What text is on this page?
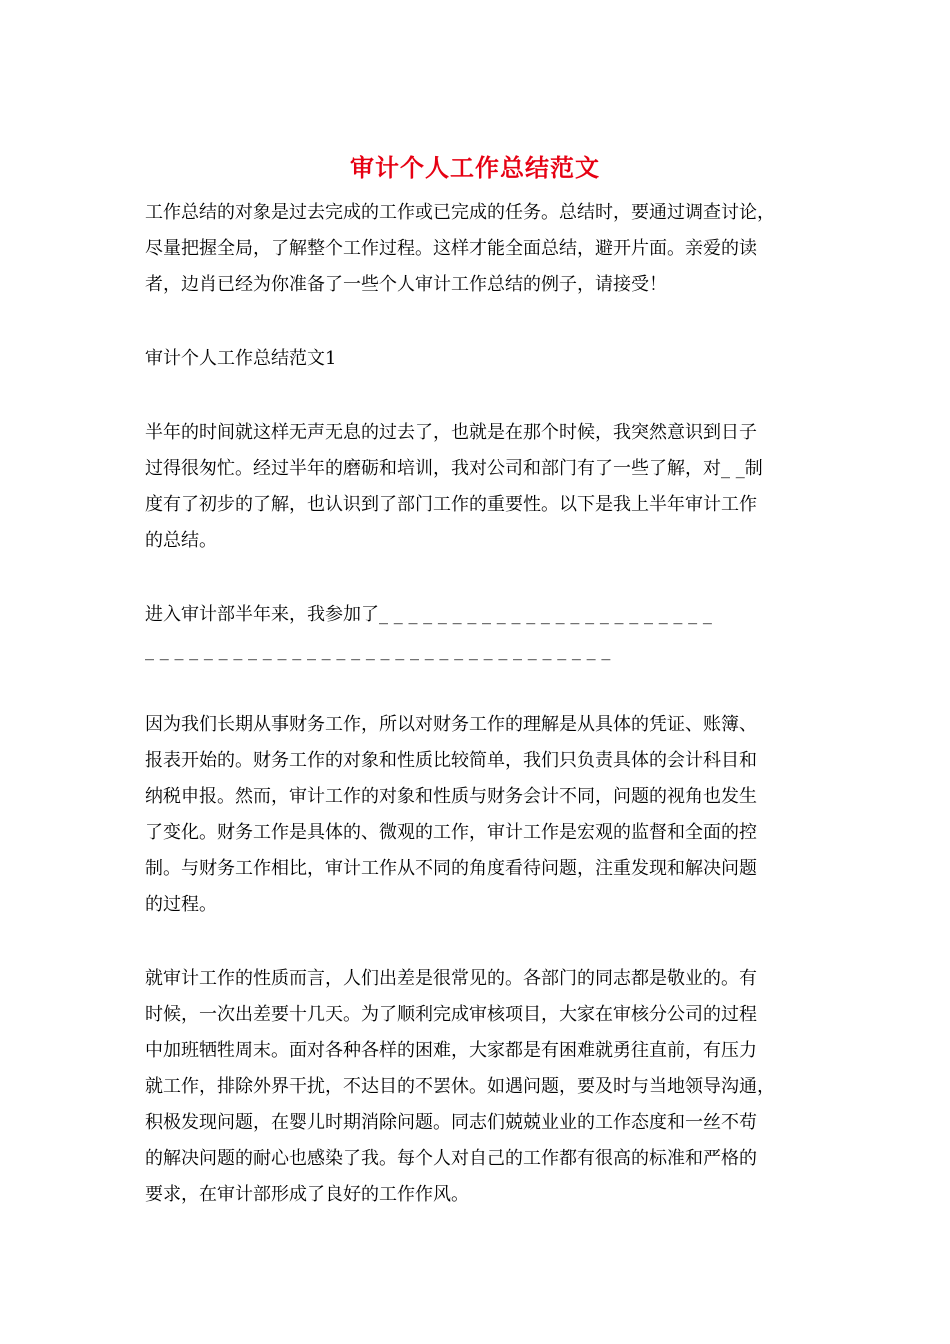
审计个人工作总结范文
工作总结的对象是过去完成的工作或已完成的任务。总结时，要通过调查讨论，
尽量把握全局，了解整个工作过程。这样才能全面总结，避开片面。亲爱的读
者，边肖已经为你准备了一些个人审计工作总结的例子，请接受！
审计个人工作总结范文1
半年的时间就这样无声无息的过去了，也就是在那个时候，我突然意识到日子
过得很匆忙。经过半年的磨砺和培训，我对公司和部门有了一些了解，对_ _制
度有了初步的了解，也认识到了部门工作的重要性。以下是我上半年审计工作
的总结。
进入审计部半年来，我参加了_ _ _ _ _ _ _ _ _ _ _ _ _ _ _ _ _ _ _ _ _ _ _
_ _ _ _ _ _ _ _ _ _ _ _ _ _ _ _ _ _ _ _ _ _ _ _ _ _ _ _ _ _ _ _
因为我们长期从事财务工作，所以对财务工作的理解是从具体的凭证、账簿、
报表开始的。财务工作的对象和性质比较简单，我们只负责具体的会计科目和
纳税申报。然而，审计工作的对象和性质与财务会计不同，问题的视角也发生
了变化。财务工作是具体的、微观的工作，审计工作是宏观的监督和全面的控
制。与财务工作相比，审计工作从不同的角度看待问题，注重发现和解决问题
的过程。
就审计工作的性质而言，人们出差是很常见的。各部门的同志都是敬业的。有
时候，一次出差要十几天。为了顺利完成审核项目，大家在审核分公司的过程
中加班牺牲周末。面对各种各样的困难，大家都是有困难就勇往直前，有压力
就工作，排除外界干扰，不达目的不罢休。如遇问题，要及时与当地领导沟通，
积极发现问题，在婴儿时期消除问题。同志们兢兢业业的工作态度和一丝不苟
的解决问题的耐心也感染了我。每个人对自己的工作都有很高的标准和严格的
要求，在审计部形成了良好的工作作风。
